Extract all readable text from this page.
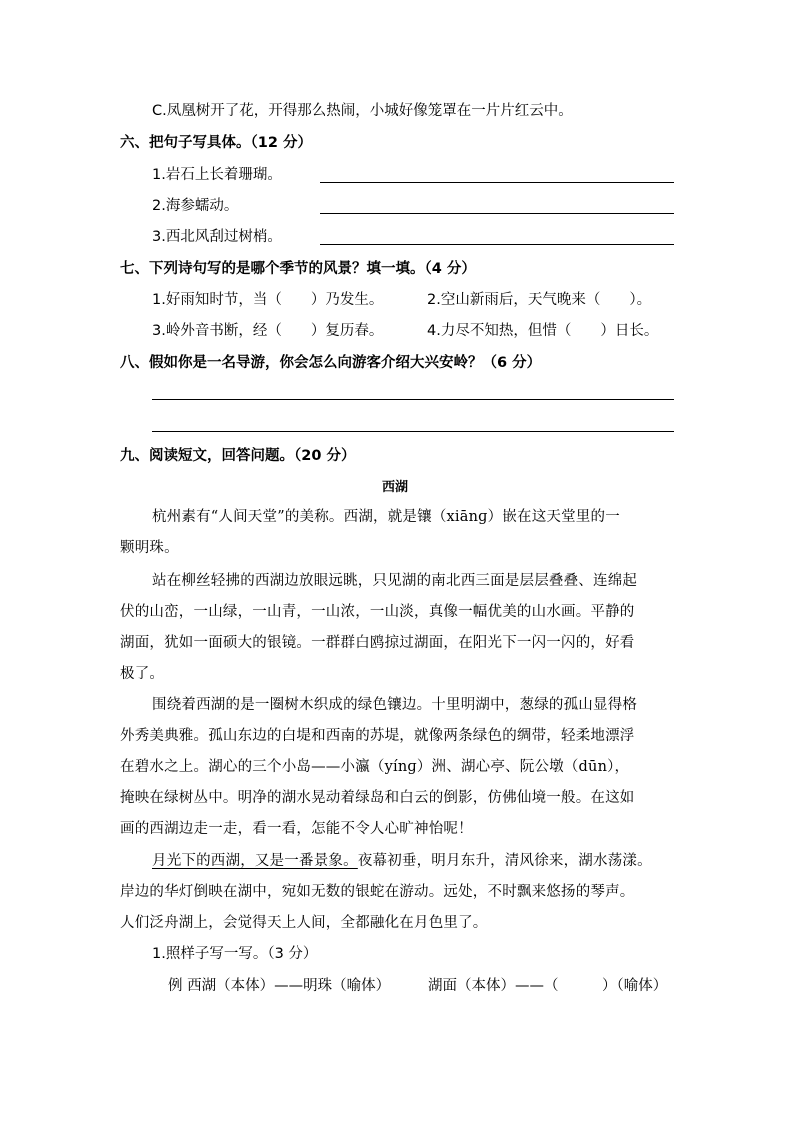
C.凤凰树开了花，开得那么热闹，小城好像笼罩在一片片红云中。
六、把句子写具体。（12 分）
1.岩石上长着珊瑚。
2.海参蠕动。
3.西北风刮过树梢。
七、下列诗句写的是哪个季节的风景？填一填。（4 分）
1.好雨知时节，当（　　）乃发生。	2.空山新雨后，天气晚来（　　）。
3.岭外音书断，经（　　）复历春。	4.力尽不知热，但惜（　　）日长。
八、假如你是一名导游，你会怎么向游客介绍大兴安岭？（6 分）
九、阅读短文，回答问题。（20 分）
西湖
杭州素有“人间天堂”的美称。西湖，就是镶（xiānɡ）嵌在这天堂里的一
颗明珠。
站在柳丝轻拂的西湖边放眼远眺，只见湖的南北西三面是层层叠叠、连绵起
伏的山峦，一山绿，一山青，一山浓，一山淡，真像一幅优美的山水画。平静的
湖面，犹如一面硕大的银镜。一群群白鸥掠过湖面，在阳光下一闪一闪的，好看
极了。
围绕着西湖的是一圈树木织成的绿色镶边。十里明湖中，葱绿的孤山显得格
外秀美典雅。孤山东边的白堤和西南的苏堤，就像两条绿色的绸带，轻柔地漂浮
在碧水之上。湖心的三个小岛——小瀛（yínɡ）洲、湖心亭、阮公墩（dūn），
掩映在绿树丛中。明净的湖水晃动着绿岛和白云的倒影，仿佛仙境一般。在这如
画的西湖边走一走，看一看，怎能不令人心旷神怡呢！
月光下的西湖，又是一番景象。夜幕初垂，明月东升，清风徐来，湖水荡漾。
岸边的华灯倒映在湖中，宛如无数的银蛇在游动。远处，不时飘来悠扬的琴声。
人们泛舟湖上，会觉得天上人间，全都融化在月色里了。
1.照样子写一写。（3 分）
例 西湖（本体）——明珠（喻体）	湖面（本体）——（　　　）（喻体）
